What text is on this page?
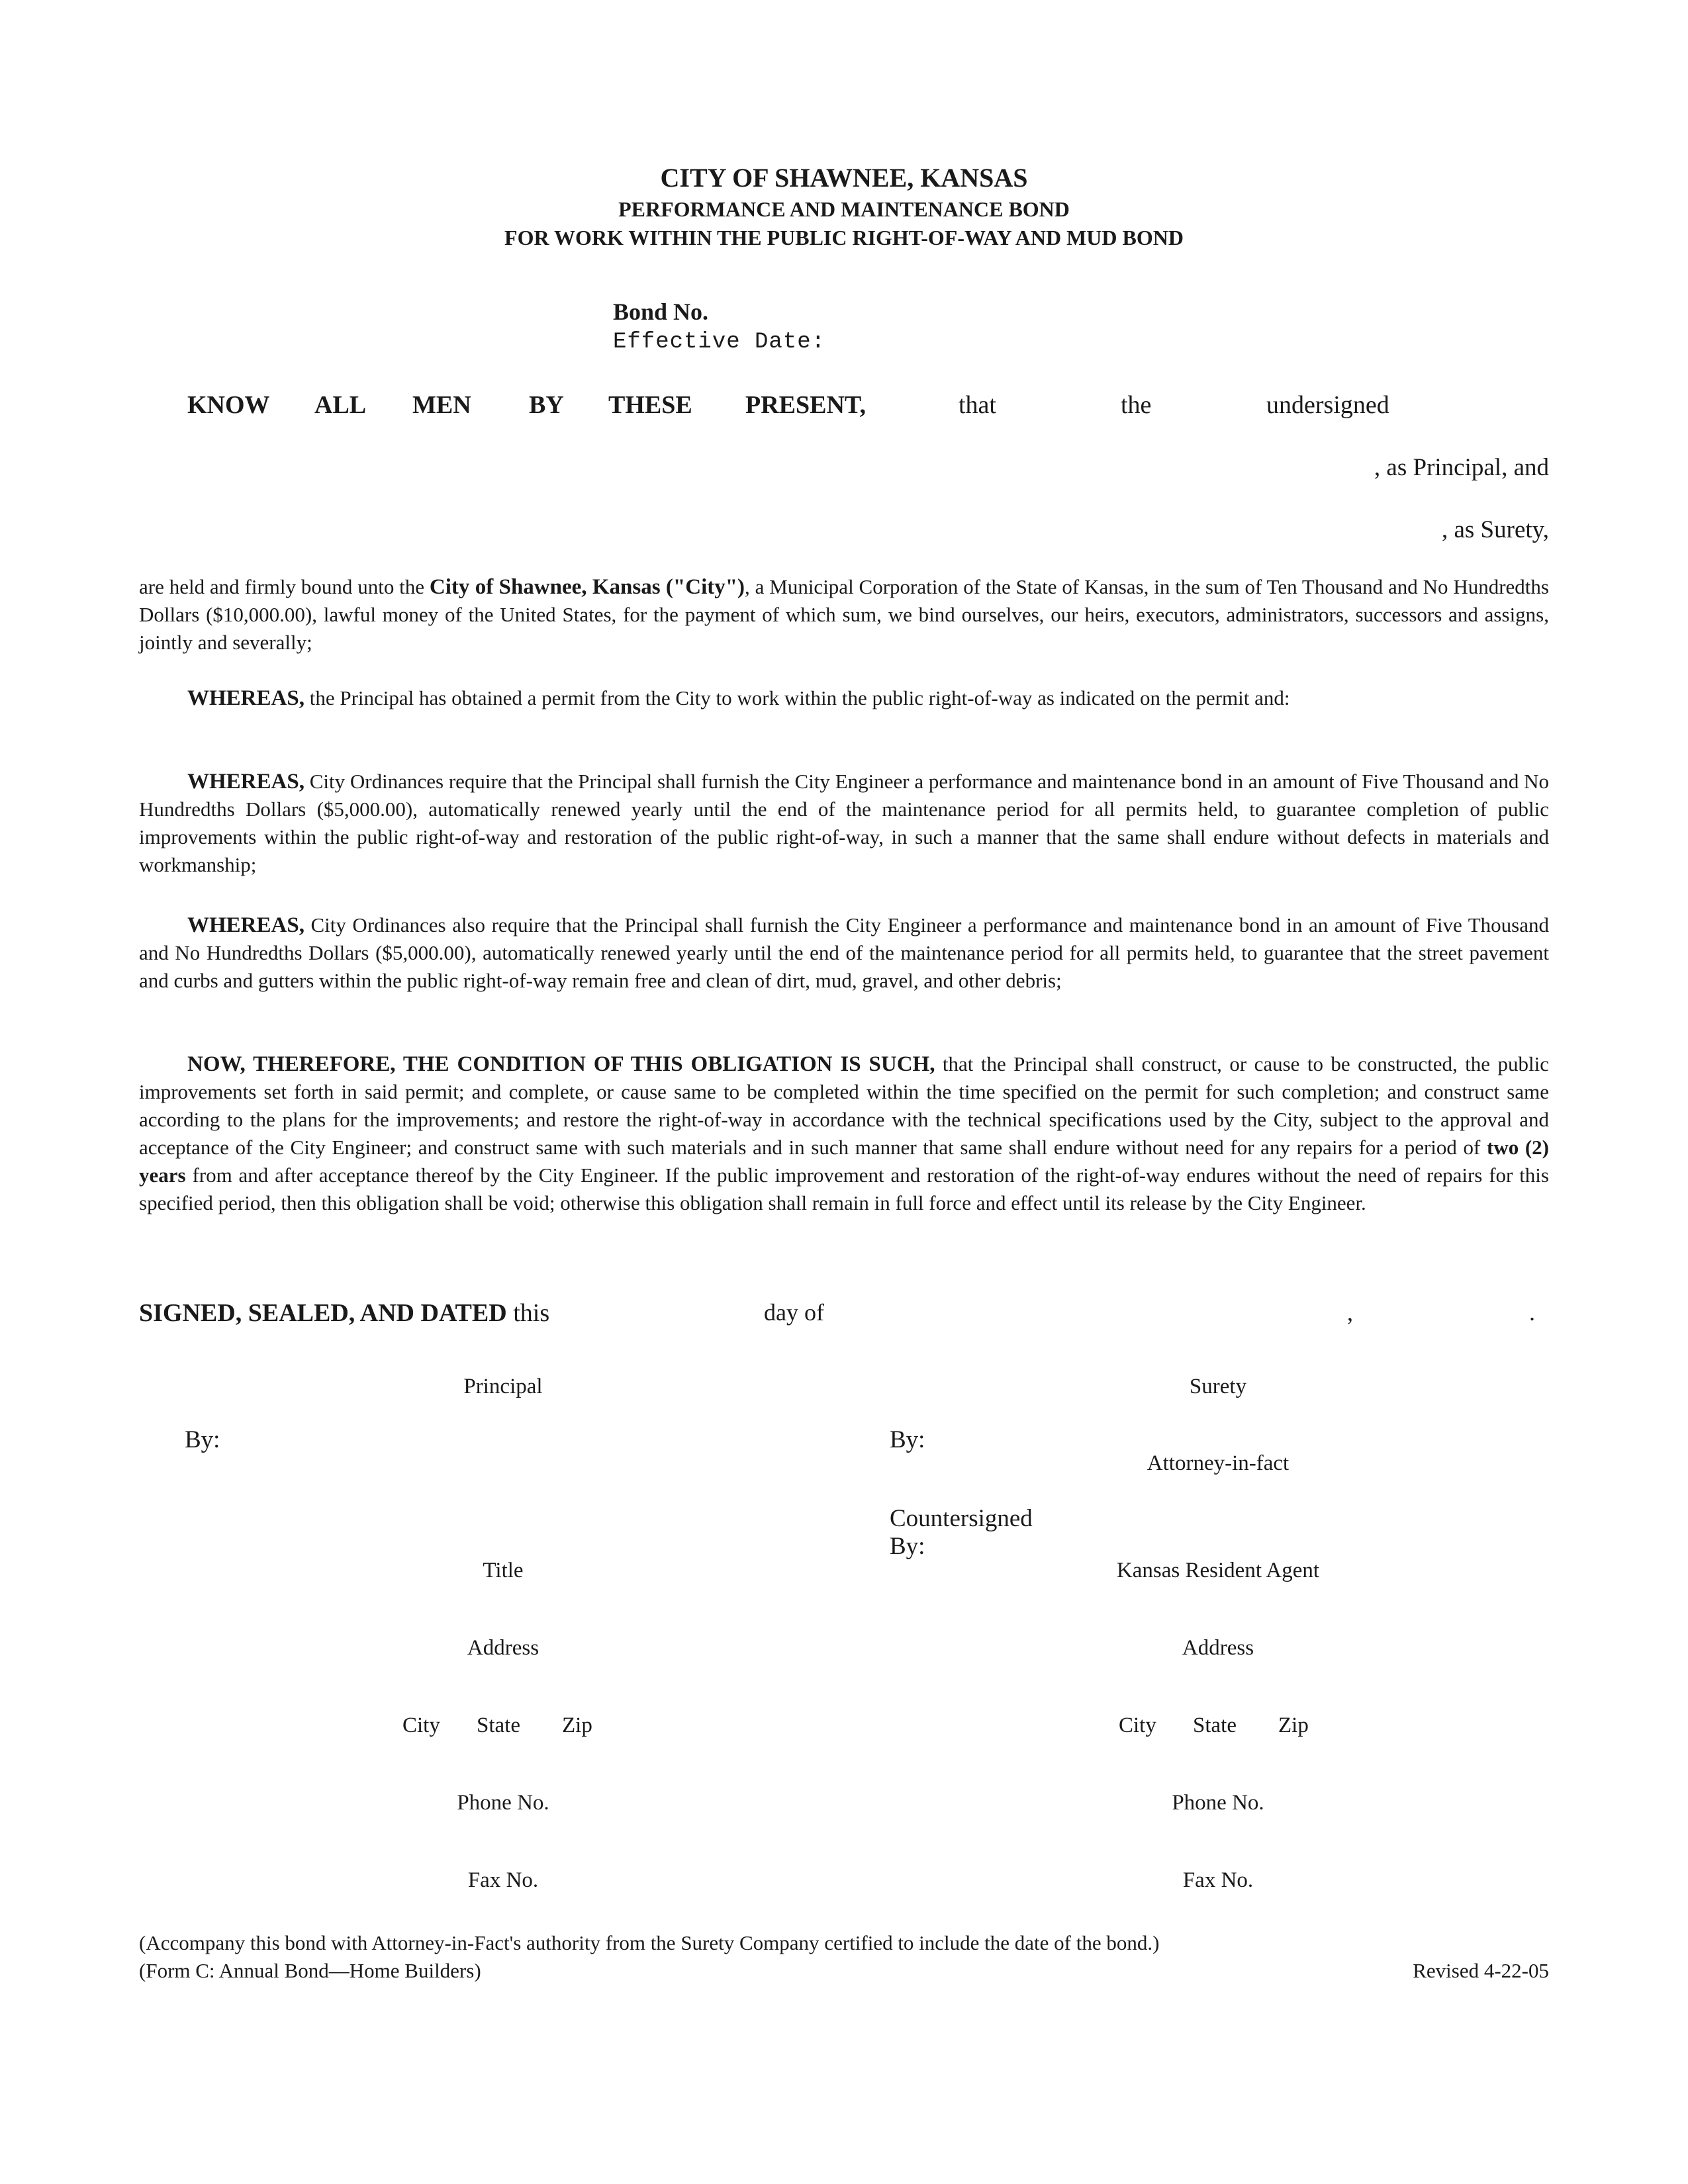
CITY OF SHAWNEE, KANSAS
PERFORMANCE AND MAINTENANCE BOND
FOR WORK WITHIN THE PUBLIC RIGHT-OF-WAY AND MUD BOND
Bond No.
Effective Date:
KNOW ALL MEN BY THESE PRESENT,	that	the	undersigned
, as Principal, and
, as Surety,
are held and firmly bound unto the City of Shawnee, Kansas ("City"), a Municipal Corporation of the State of Kansas, in the sum of Ten Thousand and No Hundredths Dollars ($10,000.00), lawful money of the United States, for the payment of which sum, we bind ourselves, our heirs, executors, administrators, successors and assigns, jointly and severally;
WHEREAS, the Principal has obtained a permit from the City to work within the public right-of-way as indicated on the permit and:
WHEREAS, City Ordinances require that the Principal shall furnish the City Engineer a performance and maintenance bond in an amount of Five Thousand and No Hundredths Dollars ($5,000.00), automatically renewed yearly until the end of the maintenance period for all permits held, to guarantee completion of public improvements within the public right-of-way and restoration of the public right-of-way, in such a manner that the same shall endure without defects in materials and workmanship;
WHEREAS, City Ordinances also require that the Principal shall furnish the City Engineer a performance and maintenance bond in an amount of Five Thousand and No Hundredths Dollars ($5,000.00), automatically renewed yearly until the end of the maintenance period for all permits held, to guarantee that the street pavement and curbs and gutters within the public right-of-way remain free and clean of dirt, mud, gravel, and other debris;
NOW, THEREFORE, THE CONDITION OF THIS OBLIGATION IS SUCH, that the Principal shall construct, or cause to be constructed, the public improvements set forth in said permit; and complete, or cause same to be completed within the time specified on the permit for such completion; and construct same according to the plans for the improvements; and restore the right-of-way in accordance with the technical specifications used by the City, subject to the approval and acceptance of the City Engineer; and construct same with such materials and in such manner that same shall endure without need for any repairs for a period of two (2) years from and after acceptance thereof by the City Engineer. If the public improvement and restoration of the right-of-way endures without the need of repairs for this specified period, then this obligation shall be void; otherwise this obligation shall remain in full force and effect until its release by the City Engineer.
SIGNED, SEALED, AND DATED this	day of	,	.
Principal	Surety
By:	By:
Attorney-in-fact
Countersigned
By:
Title	Kansas Resident Agent
Address	Address
City State Zip	City State Zip
Phone No.	Phone No.
Fax No.	Fax No.
(Accompany this bond with Attorney-in-Fact's authority from the Surety Company certified to include the date of the bond.)
(Form C: Annual Bond—Home Builders)	Revised 4-22-05
